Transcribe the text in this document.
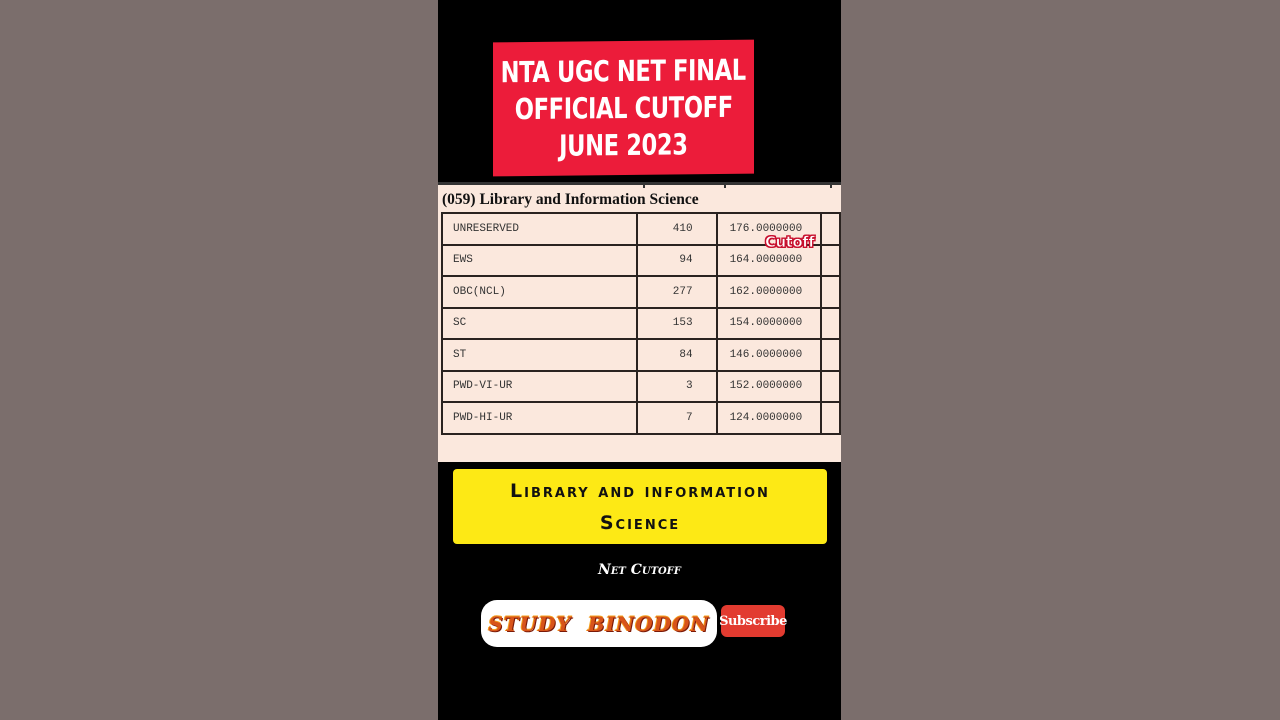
NTA UGC NET FINAL
OFFICIAL CUTOFF
JUNE 2023
(059) Library and Information Science
UNRESERVED	410	176.0000000	
EWS	94	164.0000000	
OBC(NCL)	277	162.0000000	
SC	153	154.0000000	
ST	84	146.0000000	
PWD-VI-UR	3	152.0000000	
PWD-HI-UR	7	124.0000000	
Cutoff
Library and information
Science
Net Cutoff
STUDY BINODON Subscribe
